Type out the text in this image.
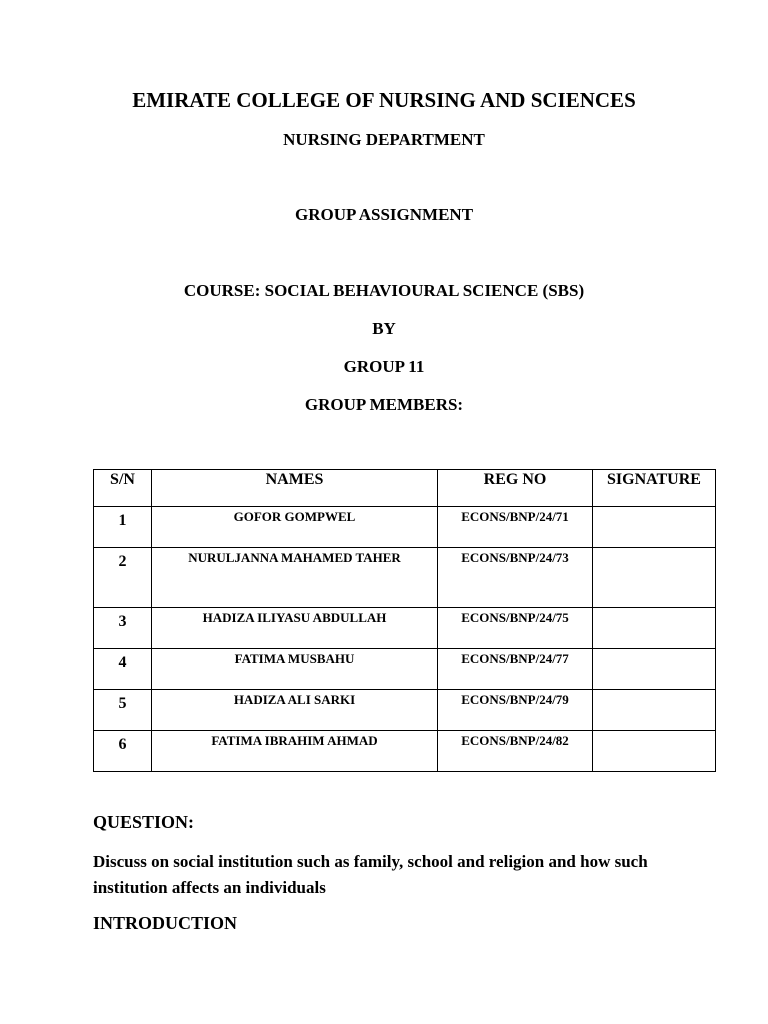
EMIRATE COLLEGE OF NURSING AND SCIENCES
NURSING DEPARTMENT
GROUP ASSIGNMENT
COURSE: SOCIAL BEHAVIOURAL SCIENCE (SBS)
BY
GROUP 11
GROUP MEMBERS:
S/N	NAMES	REG NO	SIGNATURE
1	GOFOR GOMPWEL	ECONS/BNP/24/71	
2	NURULJANNA MAHAMED TAHER	ECONS/BNP/24/73	
3	HADIZA ILIYASU ABDULLAH	ECONS/BNP/24/75	
4	FATIMA MUSBAHU	ECONS/BNP/24/77	
5	HADIZA ALI SARKI	ECONS/BNP/24/79	
6	FATIMA IBRAHIM AHMAD	ECONS/BNP/24/82	
QUESTION:
Discuss on social institution such as family, school and religion and how such institution affects an individuals
INTRODUCTION
